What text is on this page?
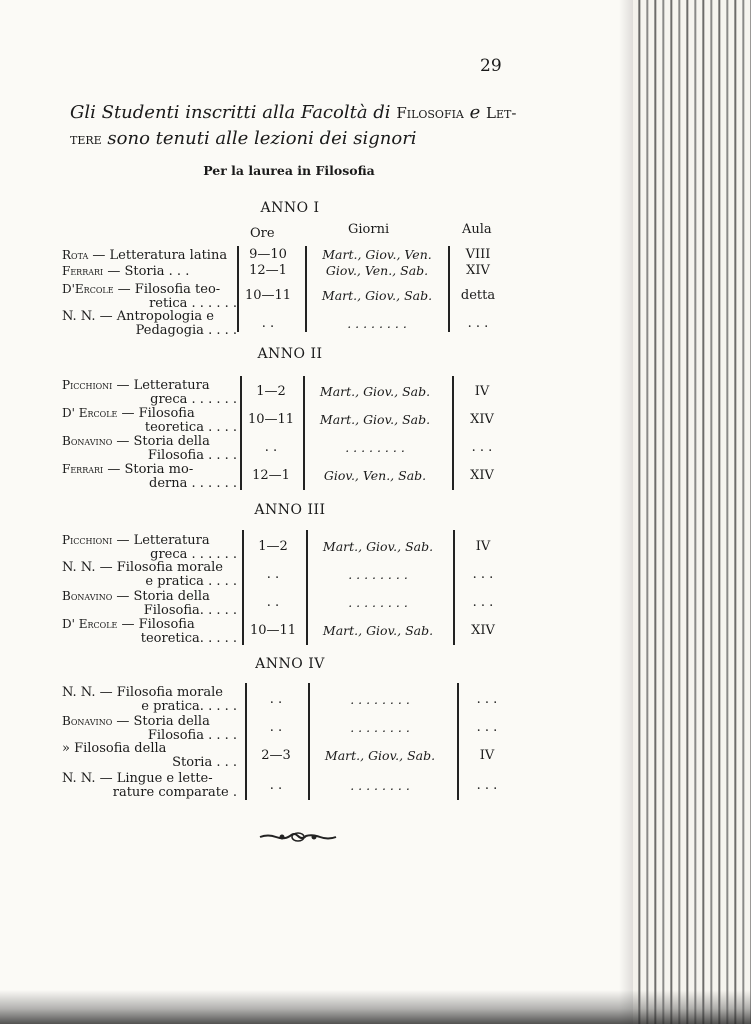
29
Gli Studenti inscritti alla Facoltà di Filosofia e Let-
tere sono tenuti alle lezioni dei signori
Per la laurea in Filosofia
Ore	Giorni	Aula
ANNO I
Rota — Letteratura latina	9—10	Mart., Giov., Ven.	VIII
Ferrari — Storia . . .	12—1	Giov., Ven., Sab.	XIV
D'Ercole — Filosofia teo-
retica . . . . . .
10—11	Mart., Giov., Sab.	detta
N. N. — Antropologia e
Pedagogia . . . .	. .	. . . . . . . .	. . .
ANNO II
Picchioni — Letteratura
greca . . . . . .
1—2	Mart., Giov., Sab.	IV
D' Ercole — Filosofia
teoretica . . . .
10—11	Mart., Giov., Sab.	XIV
Bonavino — Storia della
Filosofia . . . .
. .	. . . . . . . .	. . .
Ferrari — Storia mo-
derna . . . . . .
12—1	Giov., Ven., Sab.	XIV
ANNO III
Picchioni — Letteratura
greca . . . . . .
1—2	Mart., Giov., Sab.	IV
N. N. — Filosofia morale
e pratica . . . .	. .	. . . . . . . .	. . .
Bonavino — Storia della
Filosofia. . . . .
. .	. . . . . . . .	. . .
D' Ercole — Filosofia
teoretica. . . . .
10—11	Mart., Giov., Sab.	XIV
ANNO IV
N. N. — Filosofia morale
e pratica. . . . .	. .	. . . . . . . .	. . .
Bonavino — Storia della
Filosofia . . . .
. .	. . . . . . . .	. . .
» Filosofia della
Storia . . .	2—3	Mart., Giov., Sab.	IV
N. N. — Lingue e lette-
rature comparate .	. .	. . . . . . . .	. . .
